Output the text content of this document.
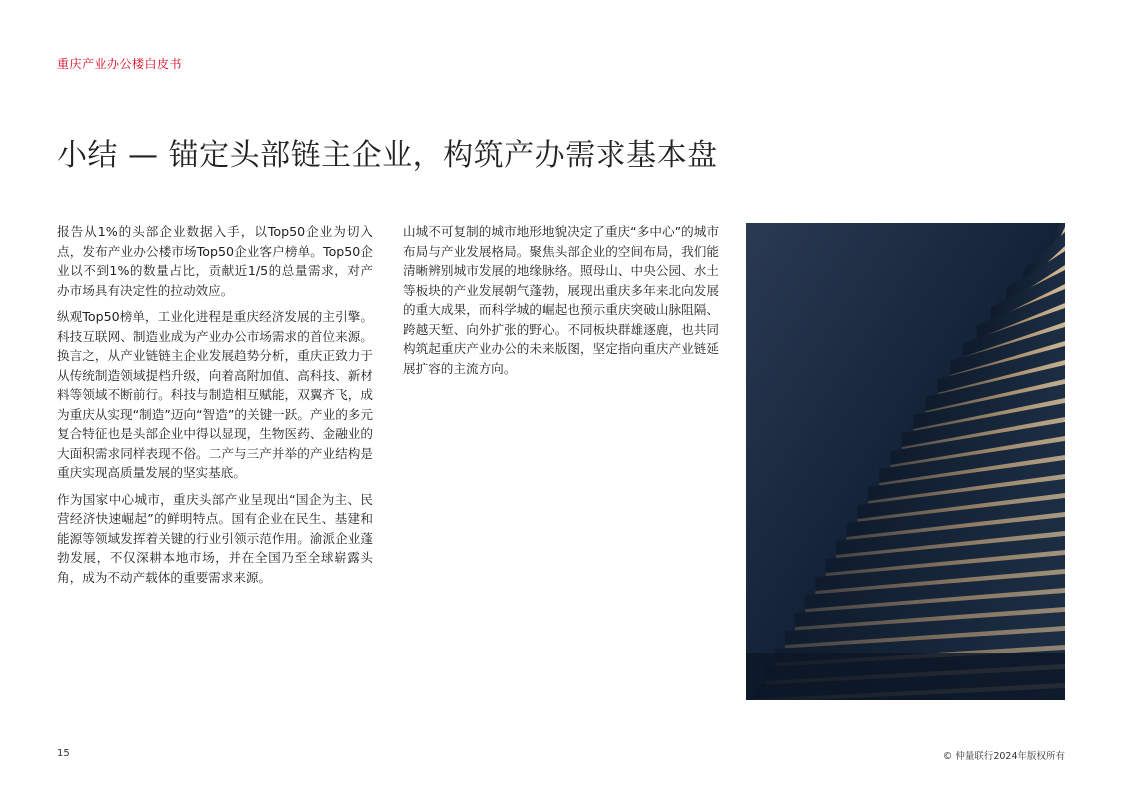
重庆产业办公楼白皮书
小结 — 锚定头部链主企业，构筑产办需求基本盘

报告从1%的头部企业数据入手，以Top50企业为切入点，发布产业办公楼市场Top50企业客户榜单。Top50企业以不到1%的数量占比，贡献近1/5的总量需求，对产办市场具有决定性的拉动效应。

纵观Top50榜单，工业化进程是重庆经济发展的主引擎。科技互联网、制造业成为产业办公市场需求的首位来源。换言之，从产业链链主企业发展趋势分析，重庆正致力于从传统制造领域提档升级，向着高附加值、高科技、新材料等领域不断前行。科技与制造相互赋能，双翼齐飞，成为重庆从实现“制造”迈向“智造”的关键一跃。产业的多元复合特征也是头部企业中得以显现，生物医药、金融业的大面积需求同样表现不俗。二产与三产并举的产业结构是重庆实现高质量发展的坚实基底。

作为国家中心城市，重庆头部产业呈现出“国企为主、民营经济快速崛起”的鲜明特点。国有企业在民生、基建和能源等领域发挥着关键的行业引领示范作用。渝派企业蓬勃发展，不仅深耕本地市场，并在全国乃至全球崭露头角，成为不动产载体的重要需求来源。

山城不可复制的城市地形地貌决定了重庆“多中心”的城市布局与产业发展格局。聚焦头部企业的空间布局，我们能清晰辨别城市发展的地缘脉络。照母山、中央公园、水土等板块的产业发展朝气蓬勃，展现出重庆多年来北向发展的重大成果，而科学城的崛起也预示重庆突破山脉阻隔、跨越天堑、向外扩张的野心。不同板块群雄逐鹿，也共同构筑起重庆产业办公的未来版图，坚定指向重庆产业链延展扩容的主流方向。

15	© 仲量联行2024年版权所有
